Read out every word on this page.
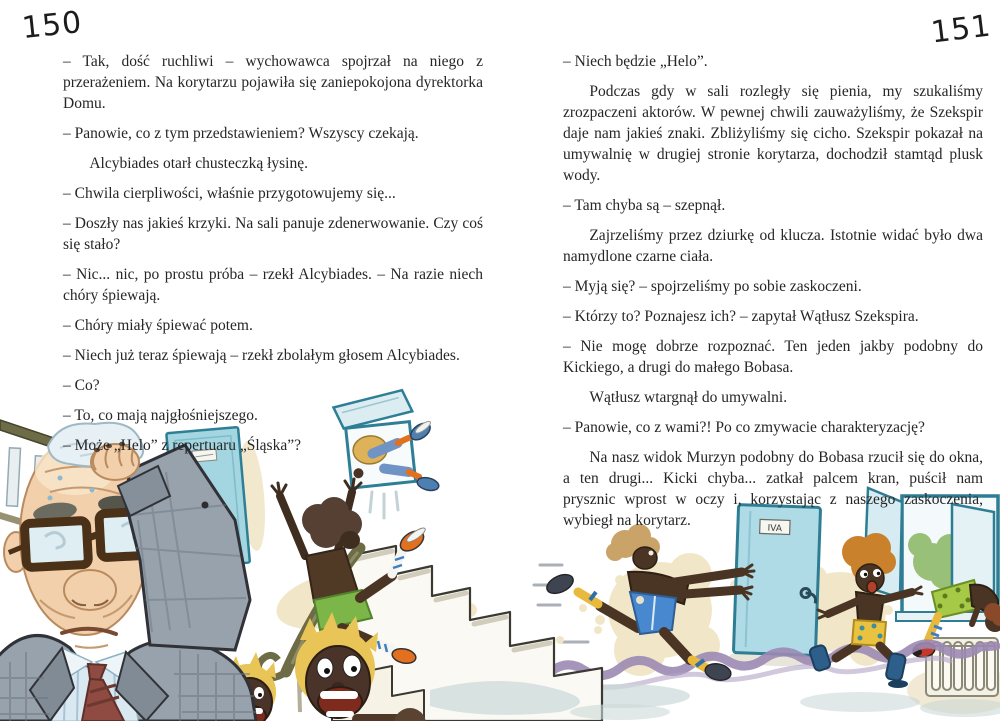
150	151

– Tak, dość ruchliwi – wychowawca spojrzał na niego z przerażeniem. Na korytarzu pojawiła się zaniepokojona dyrektorka Domu.

– Panowie, co z tym przedstawieniem? Wszyscy czekają.

Alcybiades otarł chusteczką łysinę.

– Chwila cierpliwości, właśnie przygotowujemy się...

– Doszły nas jakieś krzyki. Na sali panuje zdenerwowanie. Czy coś się stało?

– Nic... nic, po prostu próba – rzekł Alcybiades. – Na razie niech chóry śpiewają.

– Chóry miały śpiewać potem.

– Niech już teraz śpiewają – rzekł zbolałym głosem Alcybiades.

– Co?

– To, co mają najgłośniejszego.

– Może „Helo” z repertuaru „Śląska”?

– Niech będzie „Helo”.

Podczas gdy w sali rozległy się pienia, my szukaliśmy zrozpaczeni aktorów. W pewnej chwili zauważyliśmy, że Szekspir daje nam jakieś znaki. Zbliżyliśmy się cicho. Szekspir pokazał na umywalnię w drugiej stronie korytarza, dochodził stamtąd plusk wody.

– Tam chyba są – szepnął.

Zajrzeliśmy przez dziurkę od klucza. Istotnie widać było dwa namydlone czarne ciała.

– Myją się? – spojrzeliśmy po sobie zaskoczeni.

– Którzy to? Poznajesz ich? – zapytał Wątłusz Szekspira.

– Nie mogę dobrze rozpoznać. Ten jeden jakby podobny do Kickiego, a drugi do małego Bobasa.

Wątłusz wtargnął do umywalni.

– Panowie, co z wami?! Po co zmywacie charakteryzację?

Na nasz widok Murzyn podobny do Bobasa rzucił się do okna, a ten drugi... Kicki chyba... zatkał palcem kran, puścił nam prysznic wprost w oczy i, korzystając z naszego zaskoczenia, wybiegł na korytarz.	IVA
